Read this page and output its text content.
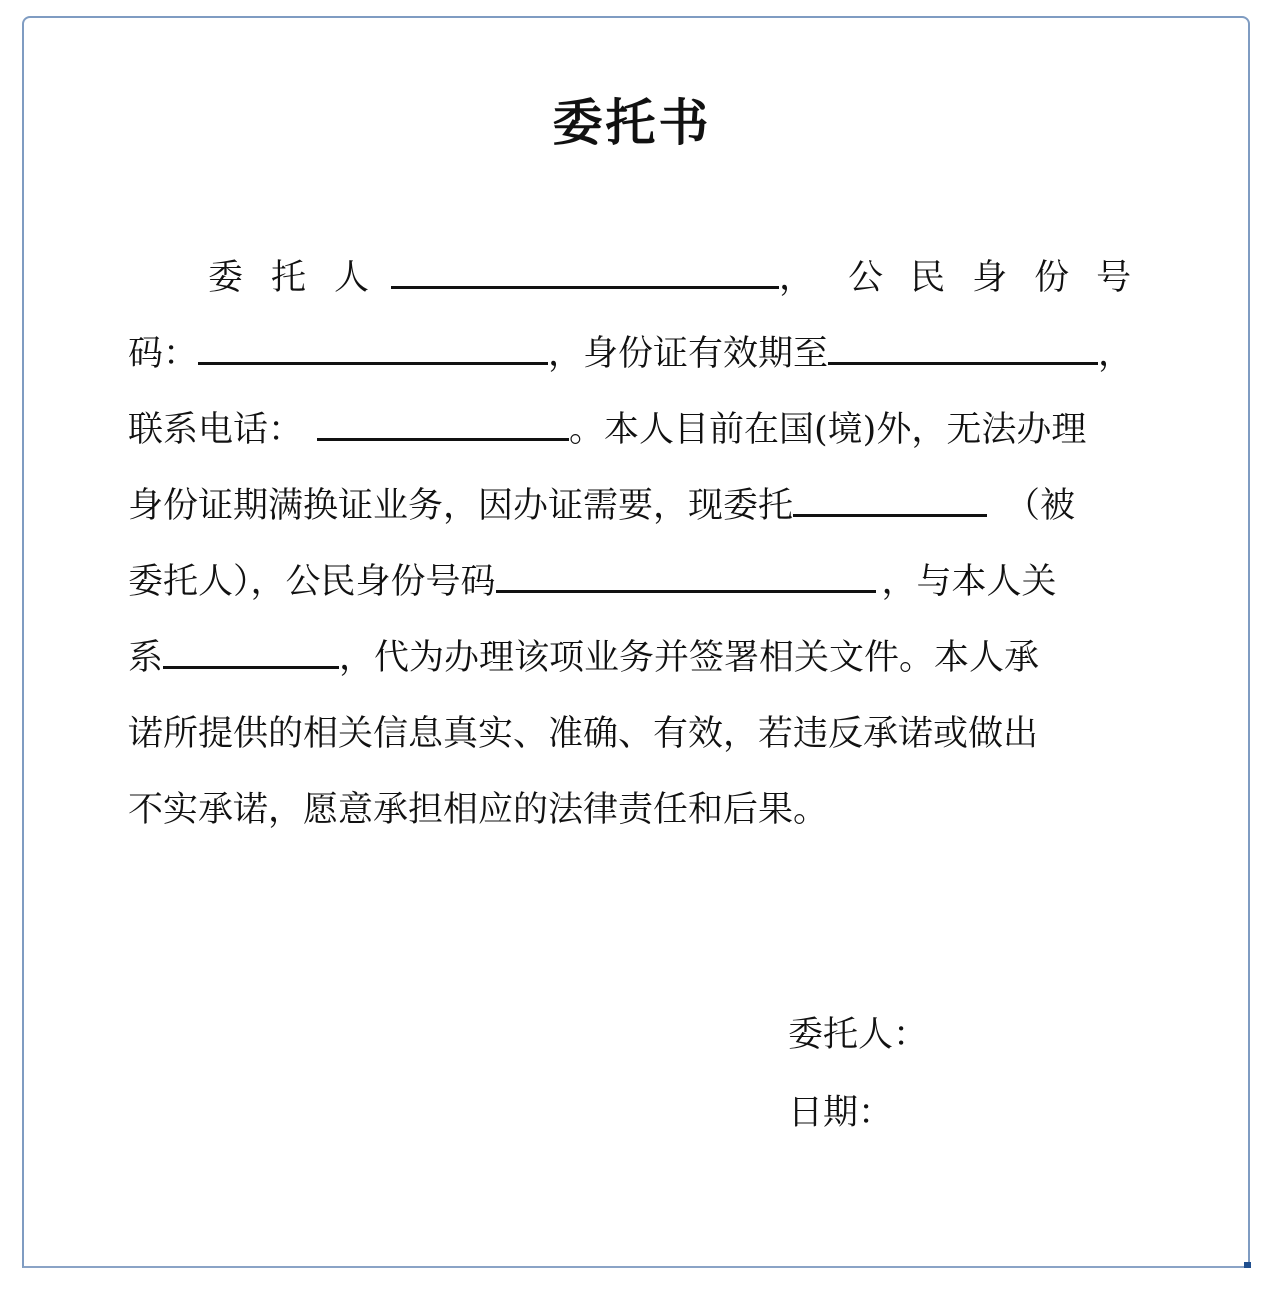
委托书
委 托 人	， 公 民 身 份 号
码：	，身份证有效期至	，
联系电话：	。本人目前在国(境)外，无法办理
身份证期满换证业务，因办证需要，现委托	（被
委托人），公民身份号码	，与本人关
系	，代为办理该项业务并签署相关文件。本人承
诺所提供的相关信息真实、准确、有效，若违反承诺或做出
不实承诺，愿意承担相应的法律责任和后果。
委托人：
日期：
